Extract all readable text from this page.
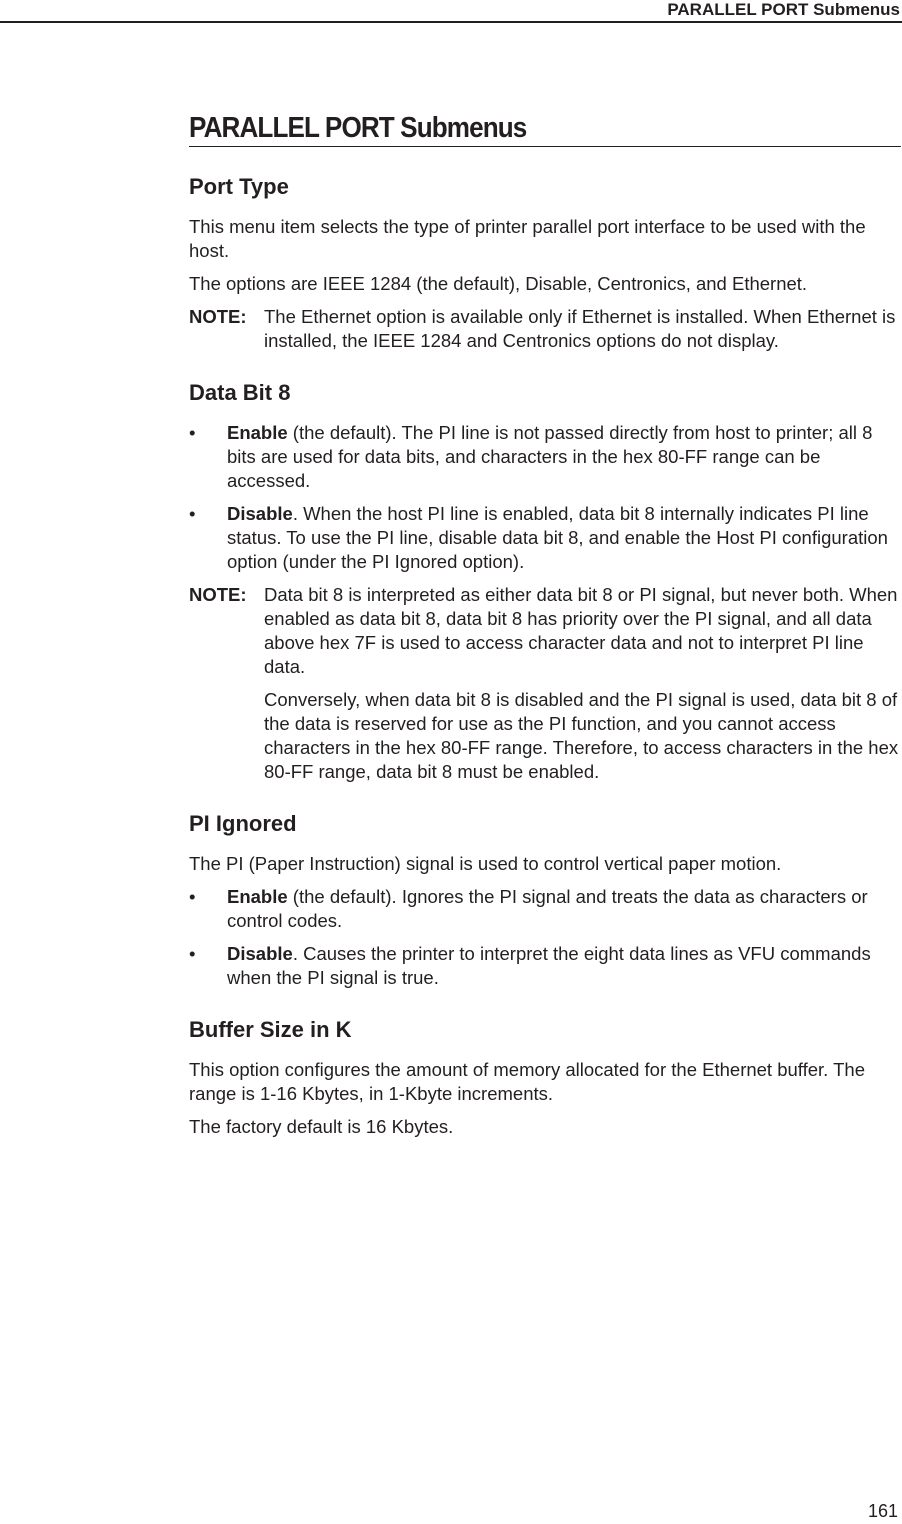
PARALLEL PORT Submenus
PARALLEL PORT Submenus
Port Type

This menu item selects the type of printer parallel port interface to be used with the host.

The options are IEEE 1284 (the default), Disable, Centronics, and Ethernet.

NOTE: The Ethernet option is available only if Ethernet is installed. When Ethernet is installed, the IEEE 1284 and Centronics options do not display.

Data Bit 8
• Enable (the default). The PI line is not passed directly from host to printer; all 8 bits are used for data bits, and characters in the hex 80-FF range can be accessed.
• Disable. When the host PI line is enabled, data bit 8 internally indicates PI line status. To use the PI line, disable data bit 8, and enable the Host PI configuration option (under the PI Ignored option).
NOTE: Data bit 8 is interpreted as either data bit 8 or PI signal, but never both. When enabled as data bit 8, data bit 8 has priority over the PI signal, and all data above hex 7F is used to access character data and not to interpret PI line data.

Conversely, when data bit 8 is disabled and the PI signal is used, data bit 8 of the data is reserved for use as the PI function, and you cannot access characters in the hex 80-FF range. Therefore, to access characters in the hex 80-FF range, data bit 8 must be enabled.

PI Ignored

The PI (Paper Instruction) signal is used to control vertical paper motion.

• Enable (the default). Ignores the PI signal and treats the data as characters or control codes.
• Disable. Causes the printer to interpret the eight data lines as VFU commands when the PI signal is true.
Buffer Size in K

This option configures the amount of memory allocated for the Ethernet buffer. The range is 1-16 Kbytes, in 1-Kbyte increments.

The factory default is 16 Kbytes.

161
